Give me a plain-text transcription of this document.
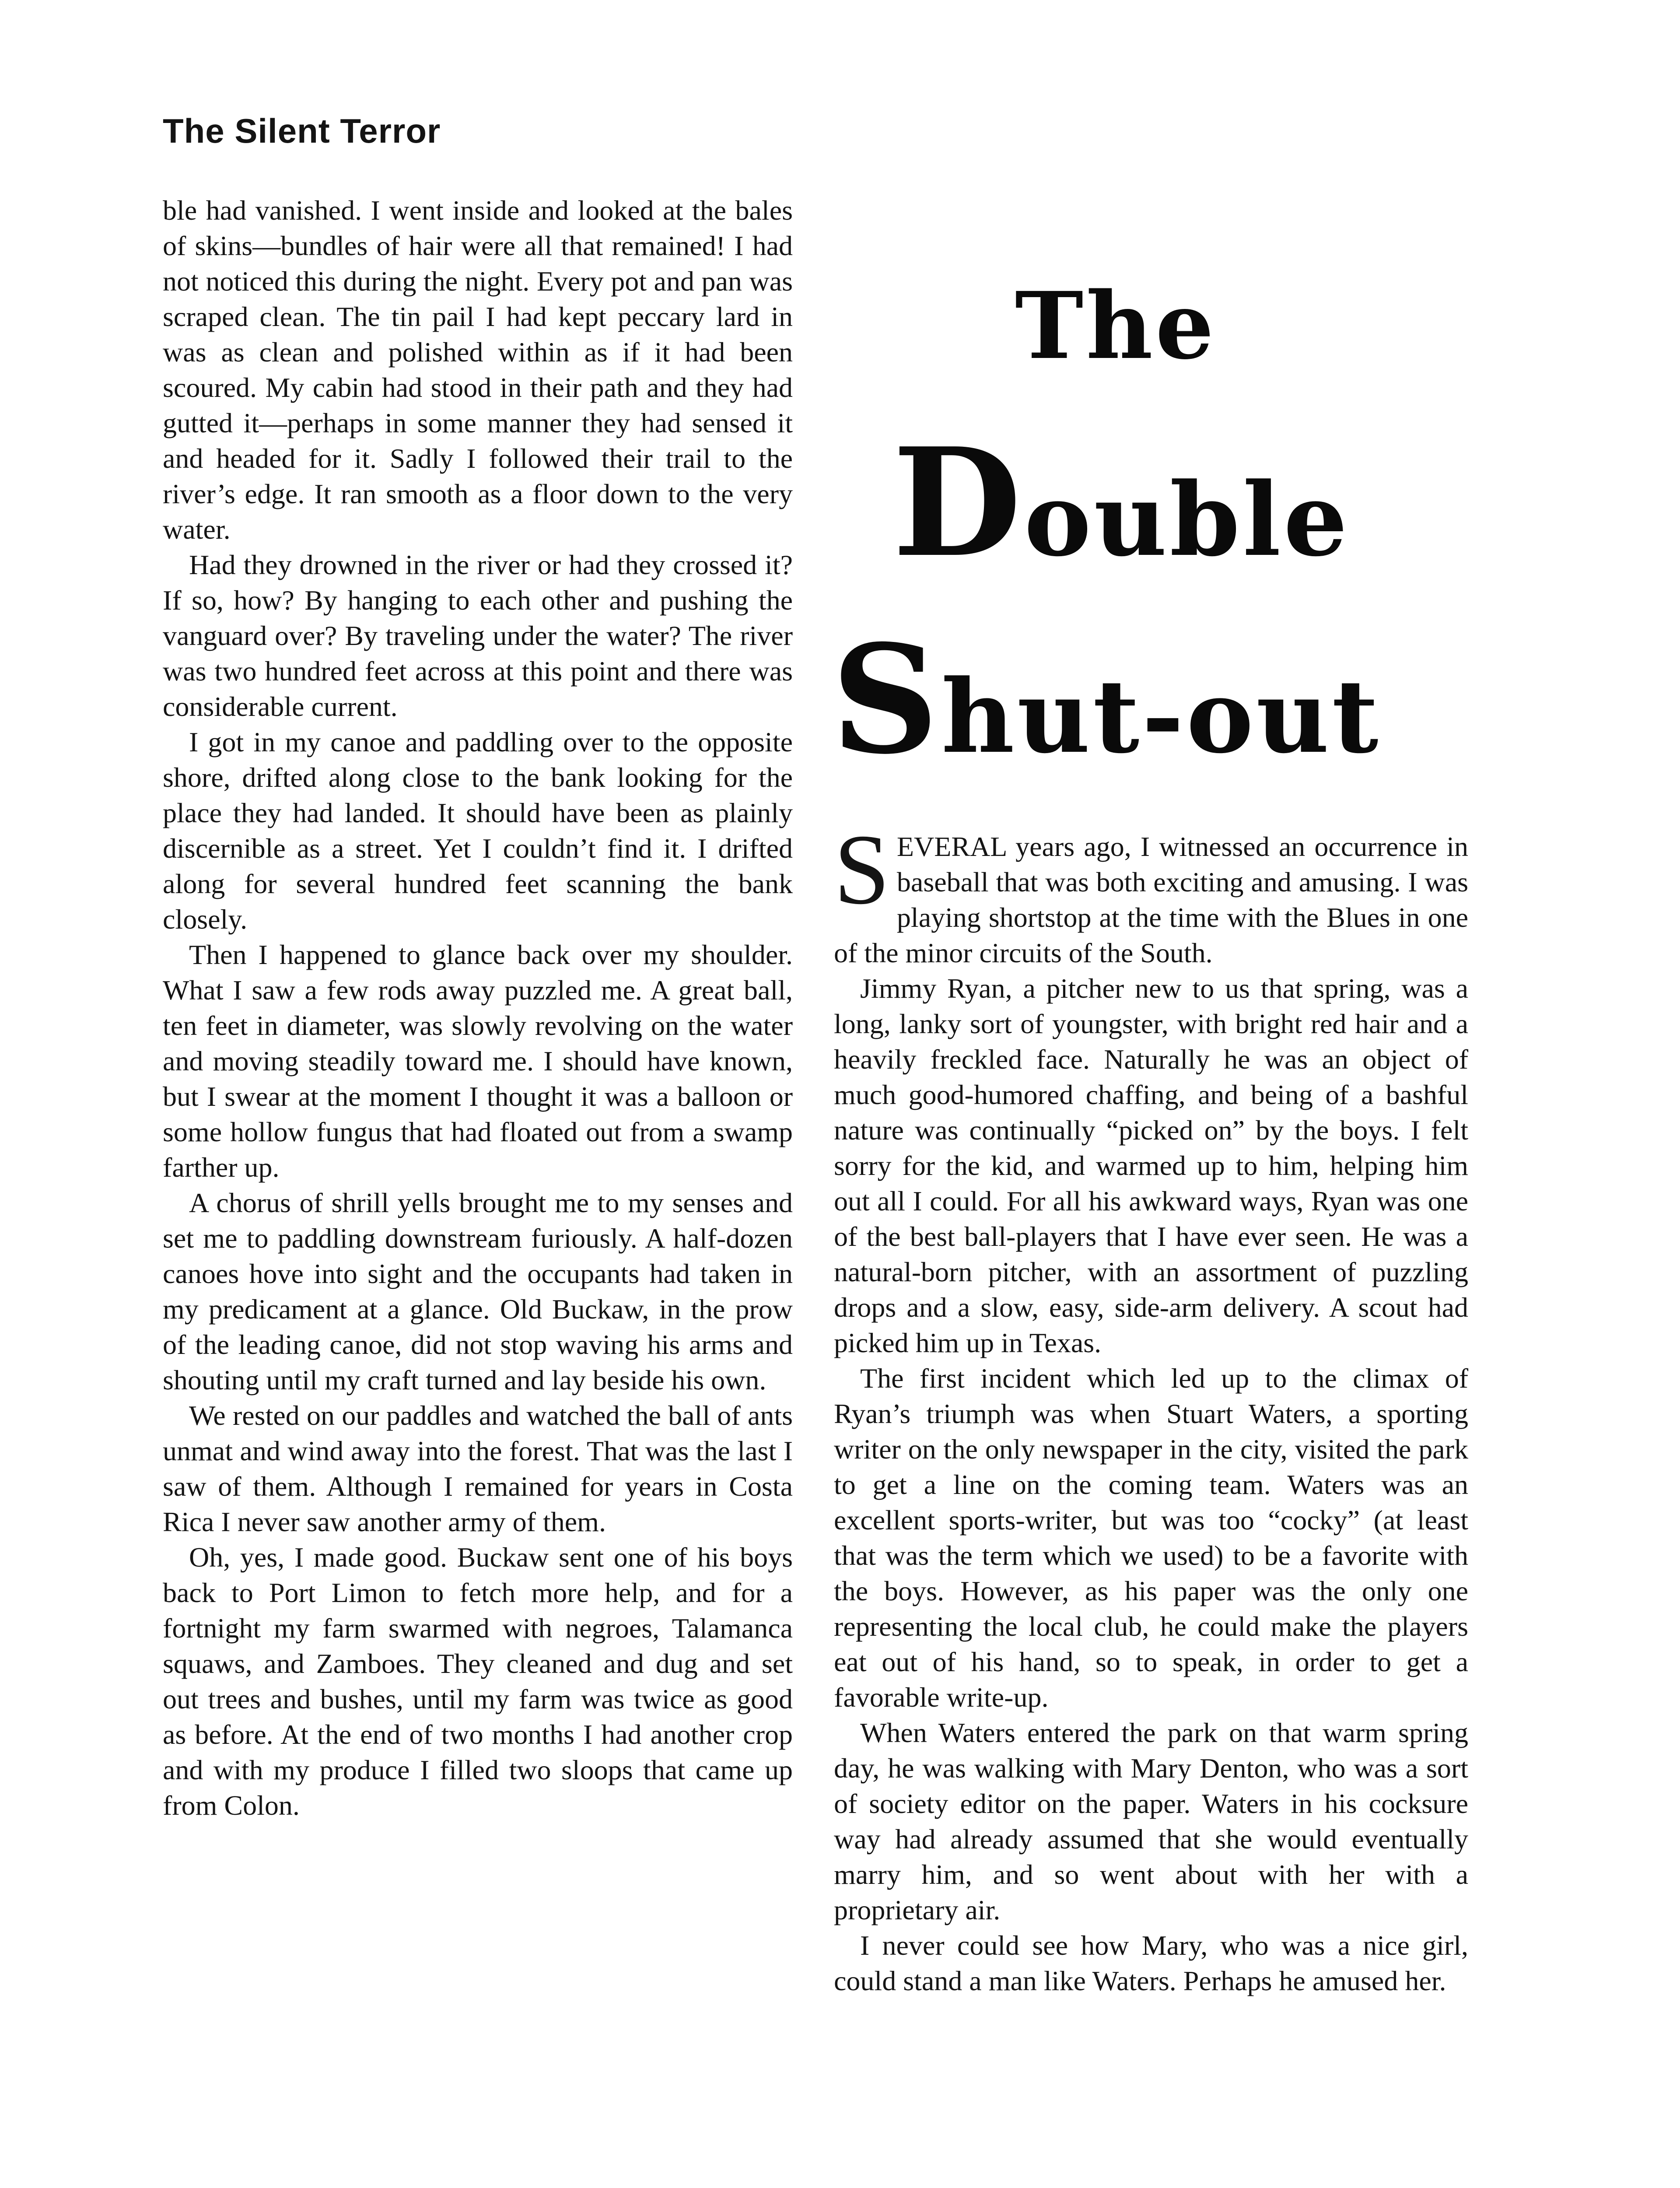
The Silent Terror

ble had vanished. I went inside and looked at the bales of skins—bundles of hair were all that remained! I had not noticed this during the night. Every pot and pan was scraped clean. The tin pail I had kept peccary lard in was as clean and polished within as if it had been scoured. My cabin had stood in their path and they had gutted it—perhaps in some manner they had sensed it and headed for it. Sadly I followed their trail to the river’s edge. It ran smooth as a floor down to the very water.

Had they drowned in the river or had they crossed it? If so, how? By hanging to each other and pushing the vanguard over? By traveling under the water? The river was two hundred feet across at this point and there was considerable current.

I got in my canoe and paddling over to the opposite shore, drifted along close to the bank looking for the place they had landed. It should have been as plainly discernible as a street. Yet I couldn’t find it. I drifted along for several hundred feet scanning the bank closely.

Then I happened to glance back over my shoulder. What I saw a few rods away puzzled me. A great ball, ten feet in diameter, was slowly revolving on the water and moving steadily toward me. I should have known, but I swear at the moment I thought it was a balloon or some hollow fungus that had floated out from a swamp farther up.

A chorus of shrill yells brought me to my senses and set me to paddling downstream furiously. A half-dozen canoes hove into sight and the occupants had taken in my predicament at a glance. Old Buckaw, in the prow of the leading canoe, did not stop waving his arms and shouting until my craft turned and lay beside his own.

We rested on our paddles and watched the ball of ants unmat and wind away into the forest. That was the last I saw of them. Although I remained for years in Costa Rica I never saw another army of them.

Oh, yes, I made good. Buckaw sent one of his boys back to Port Limon to fetch more help, and for a fortnight my farm swarmed with negroes, Talamanca squaws, and Zamboes. They cleaned and dug and set out trees and bushes, until my farm was twice as good as before. At the end of two months I had another crop and with my produce I filled two sloops that came up from Colon.

The
Double
Shut-out

SEVERAL years ago, I witnessed an occurrence in baseball that was both exciting and amusing. I was playing shortstop at the time with the Blues in one of the minor circuits of the South.

Jimmy Ryan, a pitcher new to us that spring, was a long, lanky sort of youngster, with bright red hair and a heavily freckled face. Naturally he was an object of much good-humored chaffing, and being of a bashful nature was continually “picked on” by the boys. I felt sorry for the kid, and warmed up to him, helping him out all I could. For all his awkward ways, Ryan was one of the best ball-players that I have ever seen. He was a natural-born pitcher, with an assortment of puzzling drops and a slow, easy, side-arm delivery. A scout had picked him up in Texas.

The first incident which led up to the climax of Ryan’s triumph was when Stuart Waters, a sporting writer on the only newspaper in the city, visited the park to get a line on the coming team. Waters was an excellent sports-writer, but was too “cocky” (at least that was the term which we used) to be a favorite with the boys. However, as his paper was the only one representing the local club, he could make the players eat out of his hand, so to speak, in order to get a favorable write-up.

When Waters entered the park on that warm spring day, he was walking with Mary Denton, who was a sort of society editor on the paper. Waters in his cocksure way had already assumed that she would eventually marry him, and so went about with her with a proprietary air.

I never could see how Mary, who was a nice girl, could stand a man like Waters. Perhaps he amused her.
